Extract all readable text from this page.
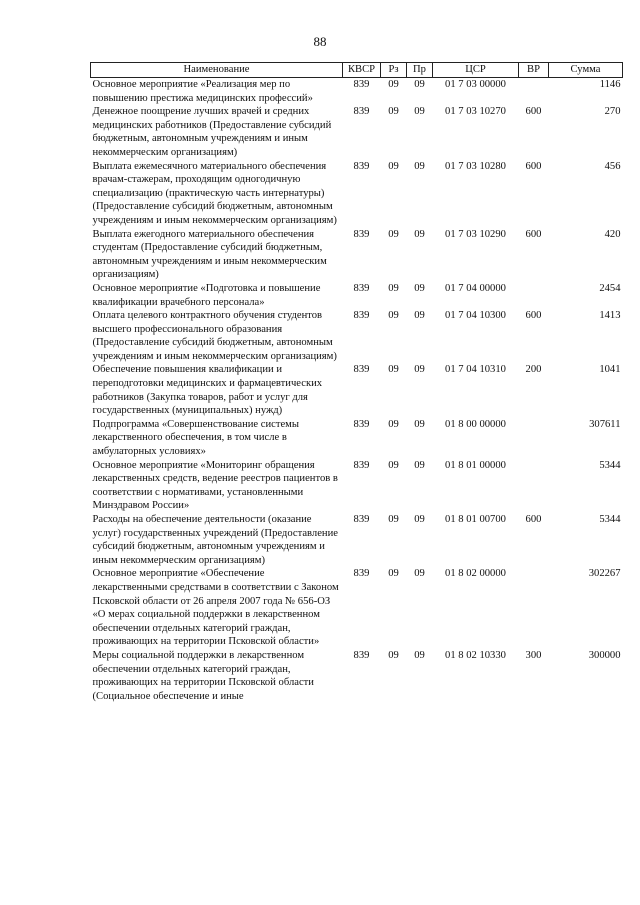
88
Наименование	КВСР	Рз	Пр	ЦСР	ВР	Сумма
Основное мероприятие «Реализация мер по повышению престижа медицинских профессий»	839	09	09	01 7 03 00000		1146
Денежное поощрение лучших врачей и средних медицинских работников (Предоставление субсидий бюджетным, автономным учреждениям и иным некоммерческим организациям)	839	09	09	01 7 03 10270	600	270
Выплата ежемесячного материального обеспечения врачам-стажерам, проходящим одногодичную специализацию (практическую часть интернатуры) (Предоставление субсидий бюджетным, автономным учреждениям и иным некоммерческим организациям)	839	09	09	01 7 03 10280	600	456
Выплата ежегодного материального обеспечения студентам (Предоставление субсидий бюджетным, автономным учреждениям и иным некоммерческим организациям)	839	09	09	01 7 03 10290	600	420
Основное мероприятие «Подготовка и повышение квалификации врачебного персонала»	839	09	09	01 7 04 00000		2454
Оплата целевого контрактного обучения студентов высшего профессионального образования (Предоставление субсидий бюджетным, автономным учреждениям и иным некоммерческим организациям)	839	09	09	01 7 04 10300	600	1413
Обеспечение повышения квалификации и переподготовки медицинских и фармацевтических работников (Закупка товаров, работ и услуг для государственных (муниципальных) нужд)	839	09	09	01 7 04 10310	200	1041
Подпрограмма «Совершенствование системы лекарственного обеспечения, в том числе в амбулаторных условиях»	839	09	09	01 8 00 00000		307611
Основное мероприятие «Мониторинг обращения лекарственных средств, ведение реестров пациентов в соответствии с нормативами, установленными Минздравом России»	839	09	09	01 8 01 00000		5344
Расходы на обеспечение деятельности (оказание услуг) государственных учреждений (Предоставление субсидий бюджетным, автономным учреждениям и иным некоммерческим организациям)	839	09	09	01 8 01 00700	600	5344
Основное мероприятие «Обеспечение лекарственными средствами в соответствии с Законом Псковской области от 26 апреля 2007 года № 656-ОЗ «О мерах социальной поддержки в лекарственном обеспечении отдельных категорий граждан, проживающих на территории Псковской области»	839	09	09	01 8 02 00000		302267
Меры социальной поддержки в лекарственном обеспечении отдельных категорий граждан, проживающих на территории Псковской области (Социальное обеспечение и иные	839	09	09	01 8 02 10330	300	300000
